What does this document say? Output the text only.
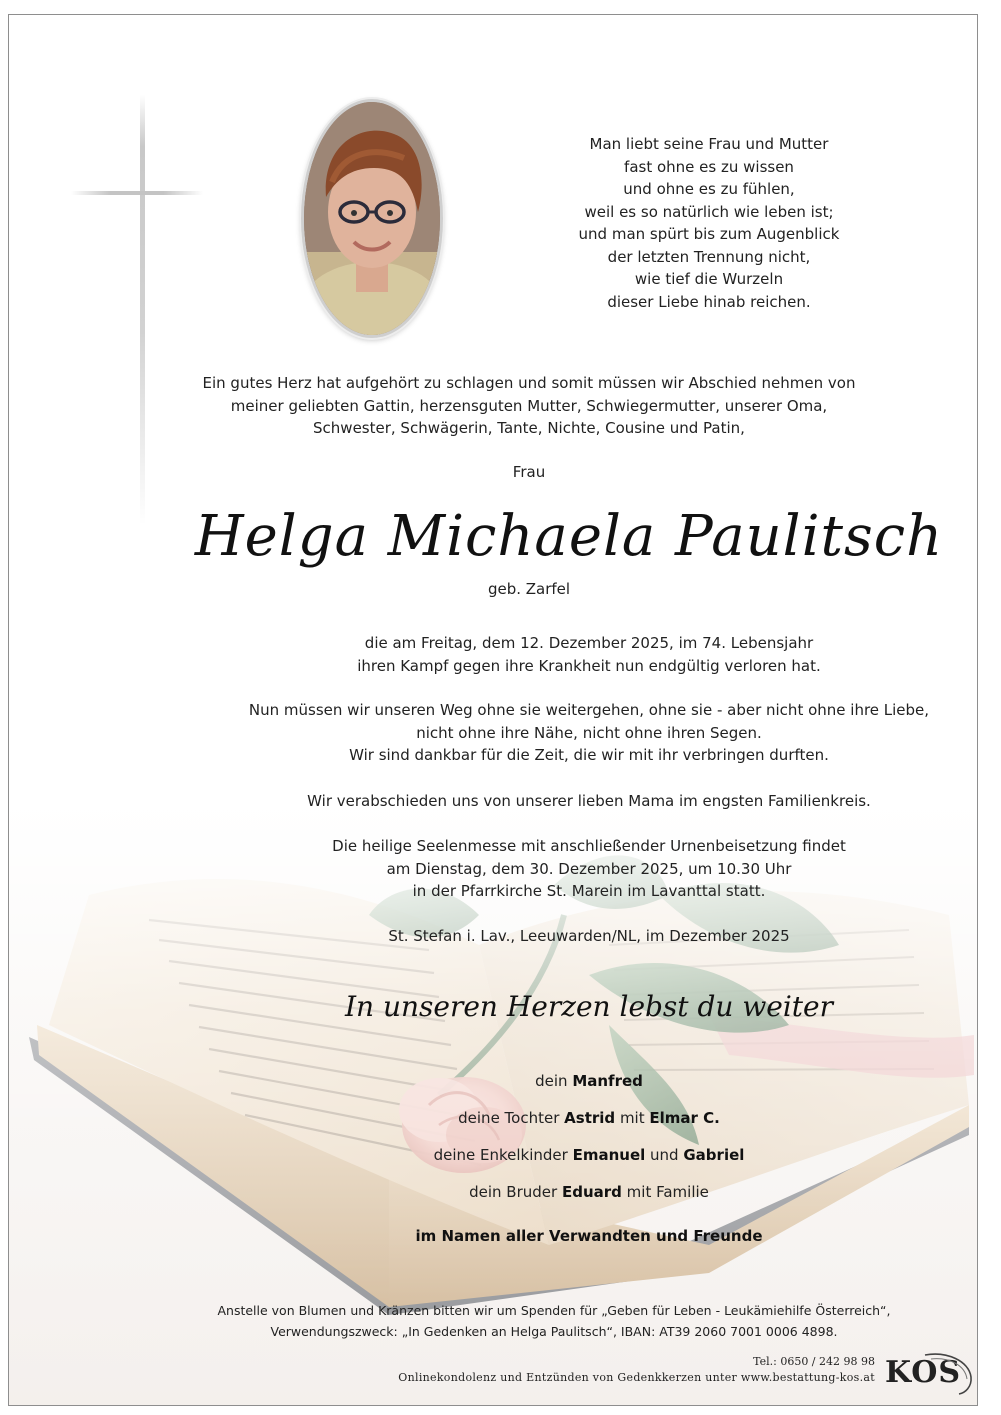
Man liebt seine Frau und Mutter
fast ohne es zu wissen
und ohne es zu fühlen,
weil es so natürlich wie leben ist;
und man spürt bis zum Augenblick
der letzten Trennung nicht,
wie tief die Wurzeln
dieser Liebe hinab reichen.
Ein gutes Herz hat aufgehört zu schlagen und somit müssen wir Abschied nehmen von
meiner geliebten Gattin, herzensguten Mutter, Schwiegermutter, unserer Oma,
Schwester, Schwägerin, Tante, Nichte, Cousine und Patin,
Frau
Helga Michaela Paulitsch
geb. Zarfel
die am Freitag, dem 12. Dezember 2025, im 74. Lebensjahr
ihren Kampf gegen ihre Krankheit nun endgültig verloren hat.
Nun müssen wir unseren Weg ohne sie weitergehen, ohne sie - aber nicht ohne ihre Liebe,
nicht ohne ihre Nähe, nicht ohne ihren Segen.
Wir sind dankbar für die Zeit, die wir mit ihr verbringen durften.
Wir verabschieden uns von unserer lieben Mama im engsten Familienkreis.
Die heilige Seelenmesse mit anschließender Urnenbeisetzung findet
am Dienstag, dem 30. Dezember 2025, um 10.30 Uhr
in der Pfarrkirche St. Marein im Lavanttal statt.
St. Stefan i. Lav., Leeuwarden/NL, im Dezember 2025
In unseren Herzen lebst du weiter
dein Manfred
deine Tochter Astrid mit Elmar C.
deine Enkelkinder Emanuel und Gabriel
dein Bruder Eduard mit Familie
im Namen aller Verwandten und Freunde
Anstelle von Blumen und Kränzen bitten wir um Spenden für „Geben für Leben - Leukämiehilfe Österreich“,
Verwendungszweck: „In Gedenken an Helga Paulitsch“, IBAN: AT39 2060 7001 0006 4898.
Tel.: 0650 / 242 98 98
Onlinekondolenz und Entzünden von Gedenkkerzen unter www.bestattung-kos.at KOS
